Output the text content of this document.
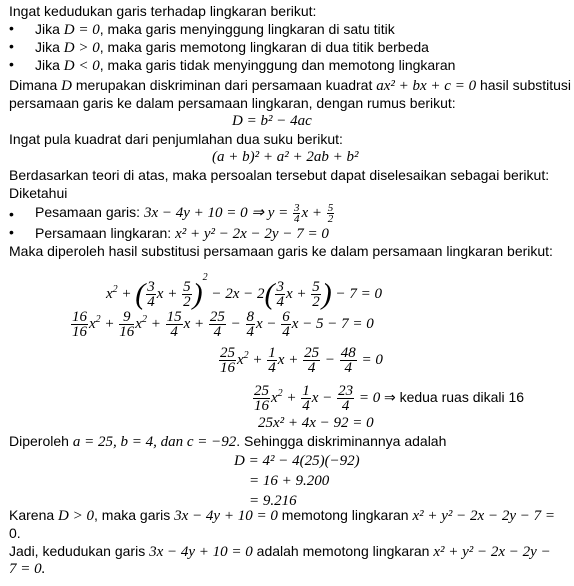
Ingat kedudukan garis terhadap lingkaran berikut:
• Jika D = 0, maka garis menyinggung lingkaran di satu titik
• Jika D > 0, maka garis memotong lingkaran di dua titik berbeda
• Jika D < 0, maka garis tidak menyinggung dan memotong lingkaran
Dimana D merupakan diskriminan dari persamaan kuadrat ax² + bx + c = 0 hasil substitusi
persamaan garis ke dalam persamaan lingkaran, dengan rumus berikut:
D = b² − 4ac
Ingat pula kuadrat dari penjumlahan dua suku berikut:
(a + b)² + a² + 2ab + b²
Berdasarkan teori di atas, maka persoalan tersebut dapat diselesaikan sebagai berikut:
Diketahui
• Pesamaan garis: 3x − 4y + 10 = 0 ⇒ $y = \frac{3}{4}$ $x + \frac{5}{2}$
• Persamaan lingkaran: x² + y² − 2x − 2y − 7 = 0
Maka diperoleh hasil substitusi persamaan garis ke dalam persamaan lingkaran berikut:
$x^2$ + ( $\frac{3}{4}$ $x + \frac{5}{2} )^2 - 2x - 2( \frac{3}{4}$ $x + \frac{5}{2}$ ) − 7 = 0
$\frac{16}{16} x^2 + \frac{9}{16} x^2 + \frac{15}{4}$ $x + \frac{25}{4} - \frac{8}{4}$ $x - \frac{6}{4}$ x − 5 − 7 = 0
$\frac{25}{16} x^2 + \frac{1}{4}$ $x + \frac{25}{4} - \frac{48}{4} = 0$
$\frac{25}{16} x^2 + \frac{1}{4}$ $x - \frac{23}{4} = 0$ ⇒ kedua ruas dikali 16
25x² + 4x − 92 = 0
Diperoleh a = 25, b = 4, dan c = −92. Sehingga diskriminannya adalah
D = 4² − 4(25)(−92)
= 16 + 9.200
= 9.216
Karena D > 0, maka garis 3x − 4y + 10 = 0 memotong lingkaran x² + y² − 2x − 2y − 7 =
0.
Jadi, kedudukan garis 3x − 4y + 10 = 0 adalah memotong lingkaran x² + y² − 2x − 2y −
7 = 0.
